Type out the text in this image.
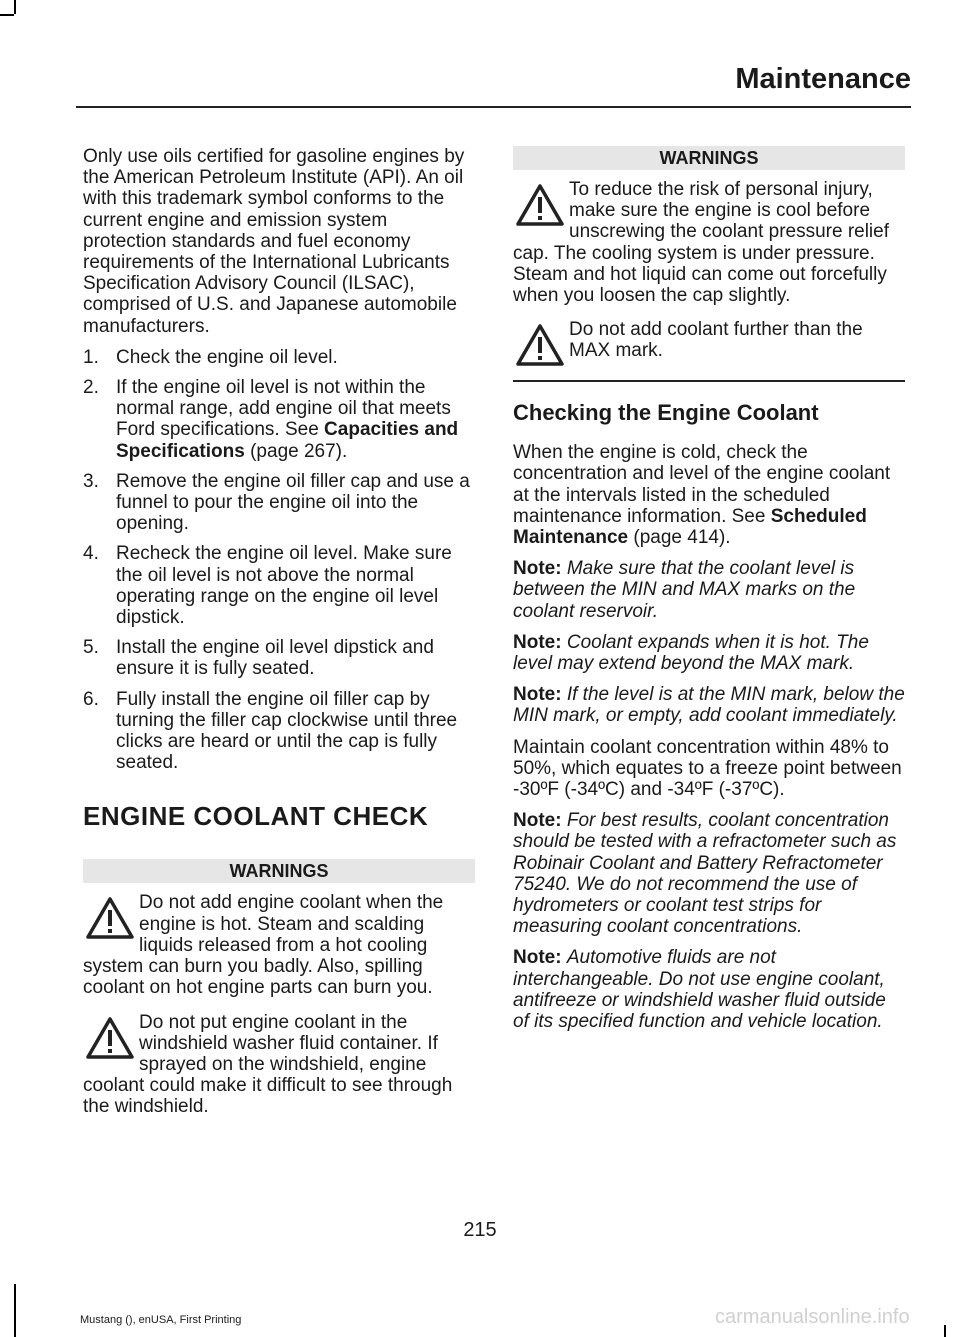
Maintenance

Only use oils certified for gasoline engines by the American Petroleum Institute (API). An oil with this trademark symbol conforms to the current engine and emission system protection standards and fuel economy requirements of the International Lubricants Specification Advisory Council (ILSAC), comprised of U.S. and Japanese automobile manufacturers.

1. Check the engine oil level.
2. If the engine oil level is not within the normal range, add engine oil that meets Ford specifications. See Capacities and Specifications (page 267).
3. Remove the engine oil filler cap and use a funnel to pour the engine oil into the opening.
4. Recheck the engine oil level. Make sure the oil level is not above the normal operating range on the engine oil level dipstick.
5. Install the engine oil level dipstick and ensure it is fully seated.
6. Fully install the engine oil filler cap by turning the filler cap clockwise until three clicks are heard or until the cap is fully seated.
ENGINE COOLANT CHECK
WARNINGS
Do not add engine coolant when the engine is hot. Steam and scalding liquids released from a hot cooling system can burn you badly. Also, spilling coolant on hot engine parts can burn you.
Do not put engine coolant in the windshield washer fluid container. If sprayed on the windshield, engine coolant could make it difficult to see through the windshield.
WARNINGS
To reduce the risk of personal injury, make sure the engine is cool before unscrewing the coolant pressure relief cap. The cooling system is under pressure. Steam and hot liquid can come out forcefully when you loosen the cap slightly.
Do not add coolant further than the MAX mark.
Checking the Engine Coolant

When the engine is cold, check the concentration and level of the engine coolant at the intervals listed in the scheduled maintenance information. See Scheduled Maintenance (page 414).

Note: Make sure that the coolant level is between the MIN and MAX marks on the coolant reservoir.

Note: Coolant expands when it is hot. The level may extend beyond the MAX mark.

Note: If the level is at the MIN mark, below the MIN mark, or empty, add coolant immediately.

Maintain coolant concentration within 48% to 50%, which equates to a freeze point between -30ºF (-34ºC) and -34ºF (-37ºC).

Note: For best results, coolant concentration should be tested with a refractometer such as Robinair Coolant and Battery Refractometer 75240. We do not recommend the use of hydrometers or coolant test strips for measuring coolant concentrations.

Note: Automotive fluids are not interchangeable. Do not use engine coolant, antifreeze or windshield washer fluid outside of its specified function and vehicle location.

215
Mustang (), enUSA, First Printing	carmanualsonline.info
